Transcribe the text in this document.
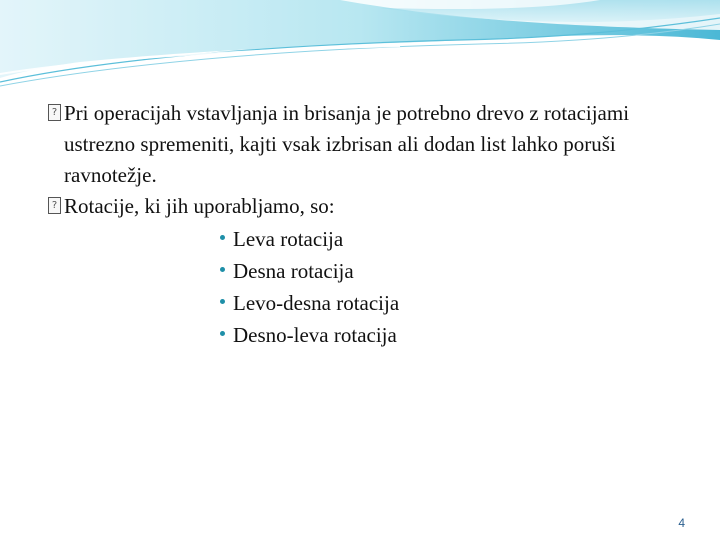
? Pri operacijah vstavljanja in brisanja je potrebno drevo z rotacijami ustrezno spremeniti, kajti vsak izbrisan ali dodan list lahko poruši ravnotežje.

? Rotacije, ki jih uporabljamo, so:

Leva rotacija
Desna rotacija
Levo-desna rotacija
Desno-leva rotacija
4
